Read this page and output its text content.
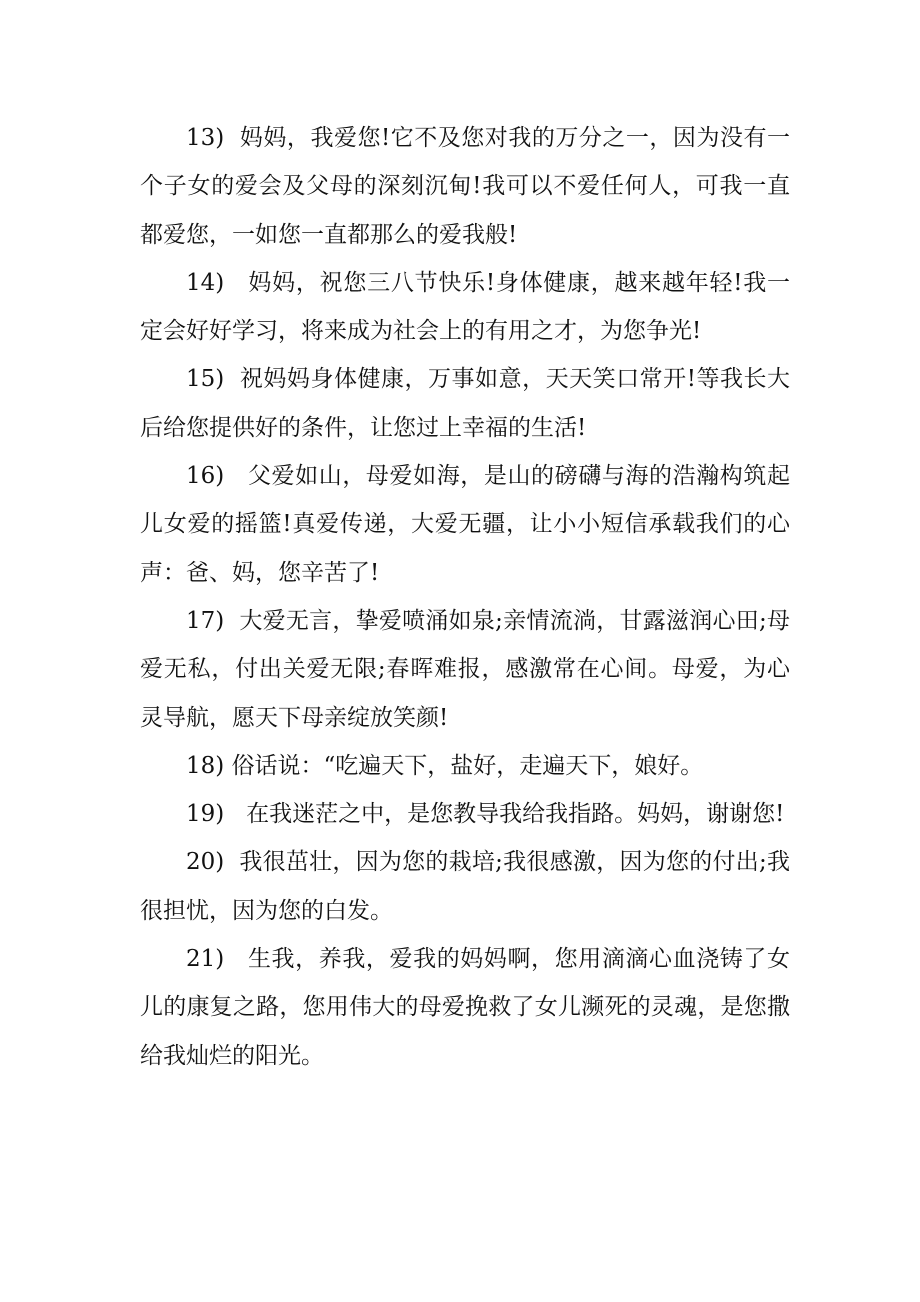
13)  妈妈，我爱您!它不及您对我的万分之一，因为没有一个子女的爱会及父母的深刻沉甸!我可以不爱任何人，可我一直都爱您，一如您一直都那么的爱我般!

14)   妈妈，祝您三八节快乐!身体健康，越来越年轻!我一定会好好学习，将来成为社会上的有用之才，为您争光!

15)  祝妈妈身体健康，万事如意，天天笑口常开!等我长大后给您提供好的条件，让您过上幸福的生活!

16)   父爱如山，母爱如海，是山的磅礴与海的浩瀚构筑起儿女爱的摇篮!真爱传递，大爱无疆，让小小短信承载我们的心声：爸、妈，您辛苦了!

17)  大爱无言，挚爱喷涌如泉;亲情流淌，甘露滋润心田;母爱无私，付出关爱无限;春晖难报，感激常在心间。母爱，为心灵导航，愿天下母亲绽放笑颜!

18) 俗话说：“吃遍天下，盐好，走遍天下，娘好。

19)   在我迷茫之中，是您教导我给我指路。妈妈，谢谢您!

20)  我很茁壮，因为您的栽培;我很感激，因为您的付出;我很担忧，因为您的白发。

21)   生我，养我，爱我的妈妈啊，您用滴滴心血浇铸了女儿的康复之路，您用伟大的母爱挽救了女儿濒死的灵魂，是您撒给我灿烂的阳光。
